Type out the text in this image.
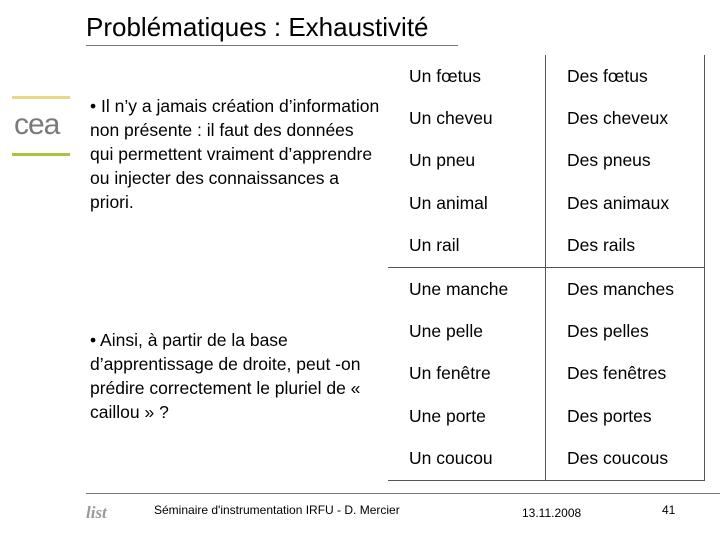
Problématiques : Exhaustivité
cea
• Il n’y a jamais création d’information non présente : il faut des données qui permettent vraiment d’apprendre ou injecter des connaissances a priori.
• Ainsi, à partir de la base d’apprentissage de droite, peut -on prédire correctement le pluriel de « caillou » ?
Un fœtus	Des fœtus
Un cheveu	Des cheveux
Un pneu	Des pneus
Un animal	Des animaux
Un rail	Des rails
Une manche	Des manches
Une pelle	Des pelles
Un fenêtre	Des fenêtres
Une porte	Des portes
Un coucou	Des coucous
list	Séminaire d'instrumentation IRFU - D. Mercier	13.11.2008	41
